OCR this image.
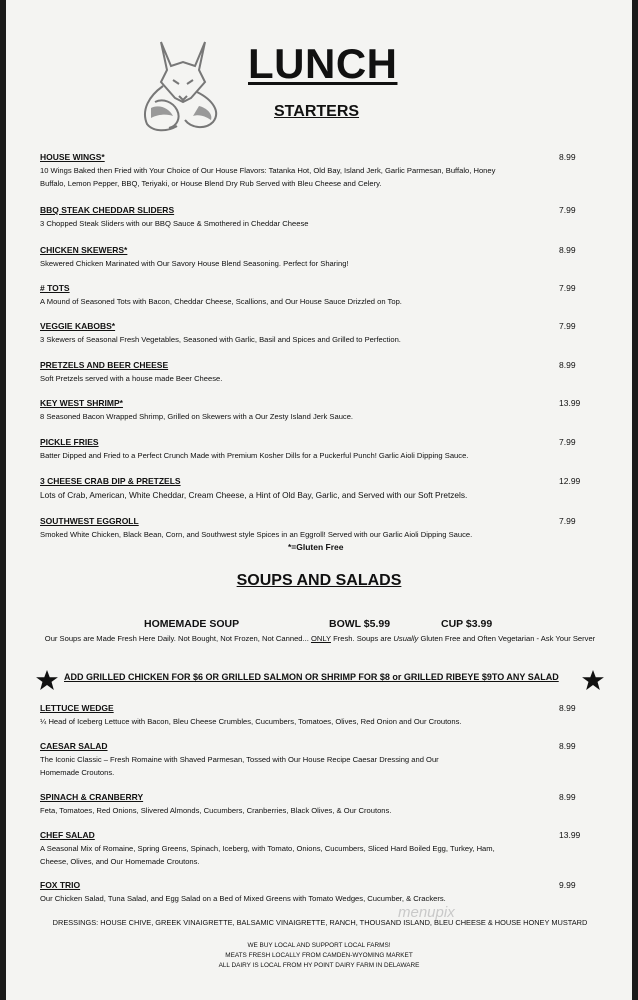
LUNCH
STARTERS
HOUSE WINGS*
10 Wings Baked then Fried with Your Choice of Our House Flavors: Tatanka Hot, Old Bay, Island Jerk, Garlic Parmesan, Buffalo, Honey Buffalo, Lemon Pepper, BBQ, Teriyaki, or House Blend Dry Rub Served with Bleu Cheese and Celery.
8.99
BBQ STEAK CHEDDAR SLIDERS
3 Chopped Steak Sliders with our BBQ Sauce & Smothered in Cheddar Cheese
7.99
CHICKEN SKEWERS*
Skewered Chicken Marinated with Our Savory House Blend Seasoning. Perfect for Sharing!
8.99
# TOTS
A Mound of Seasoned Tots with Bacon, Cheddar Cheese, Scallions, and Our House Sauce Drizzled on Top.
7.99
VEGGIE KABOBS*
3 Skewers of Seasonal Fresh Vegetables, Seasoned with Garlic, Basil and Spices and Grilled to Perfection.
7.99
PRETZELS AND BEER CHEESE
Soft Pretzels served with a house made Beer Cheese.
8.99
KEY WEST SHRIMP*
8 Seasoned Bacon Wrapped Shrimp, Grilled on Skewers with a Our Zesty Island Jerk Sauce.
13.99
PICKLE FRIES
Batter Dipped and Fried to a Perfect Crunch Made with Premium Kosher Dills for a Puckerful Punch! Garlic Aioli Dipping Sauce.
7.99
3 CHEESE CRAB DIP & PRETZELS
Lots of Crab, American, White Cheddar, Cream Cheese, a Hint of Old Bay, Garlic, and Served with our Soft Pretzels.
12.99
SOUTHWEST EGGROLL
Smoked White Chicken, Black Bean, Corn, and Southwest style Spices in an Eggroll! Served with our Garlic Aioli Dipping Sauce.
7.99
*=Gluten Free
SOUPS AND SALADS
HOMEMADE SOUP	BOWL $5.99	CUP $3.99
Our Soups are Made Fresh Here Daily. Not Bought, Not Frozen, Not Canned... ONLY Fresh. Soups are Usually Gluten Free and Often Vegetarian - Ask Your Server
ADD GRILLED CHICKEN FOR $6 OR GRILLED SALMON OR SHRIMP FOR $8 or GRILLED RIBEYE $9TO ANY SALAD
LETTUCE WEDGE
¼ Head of Iceberg Lettuce with Bacon, Bleu Cheese Crumbles, Cucumbers, Tomatoes, Olives, Red Onion and Our Croutons.
8.99
CAESAR SALAD
The Iconic Classic – Fresh Romaine with Shaved Parmesan, Tossed with Our House Recipe Caesar Dressing and Our Homemade Croutons.
8.99
SPINACH & CRANBERRY
Feta, Tomatoes, Red Onions, Slivered Almonds, Cucumbers, Cranberries, Black Olives, & Our Croutons.
8.99
CHEF SALAD
A Seasonal Mix of Romaine, Spring Greens, Spinach, Iceberg, with Tomato, Onions, Cucumbers, Sliced Hard Boiled Egg, Turkey, Ham, Cheese, Olives, and Our Homemade Croutons.
13.99
FOX TRIO
Our Chicken Salad, Tuna Salad, and Egg Salad on a Bed of Mixed Greens with Tomato Wedges, Cucumber, & Crackers.
9.99
menupix
DRESSINGS: HOUSE CHIVE, GREEK VINAIGRETTE, BALSAMIC VINAIGRETTE, RANCH, THOUSAND ISLAND, BLEU CHEESE & HOUSE HONEY MUSTARD
WE BUY LOCAL AND SUPPORT LOCAL FARMS!
MEATS FRESH LOCALLY FROM CAMDEN-WYOMING MARKET
ALL DAIRY IS LOCAL FROM HY POINT DAIRY FARM IN DELAWARE
